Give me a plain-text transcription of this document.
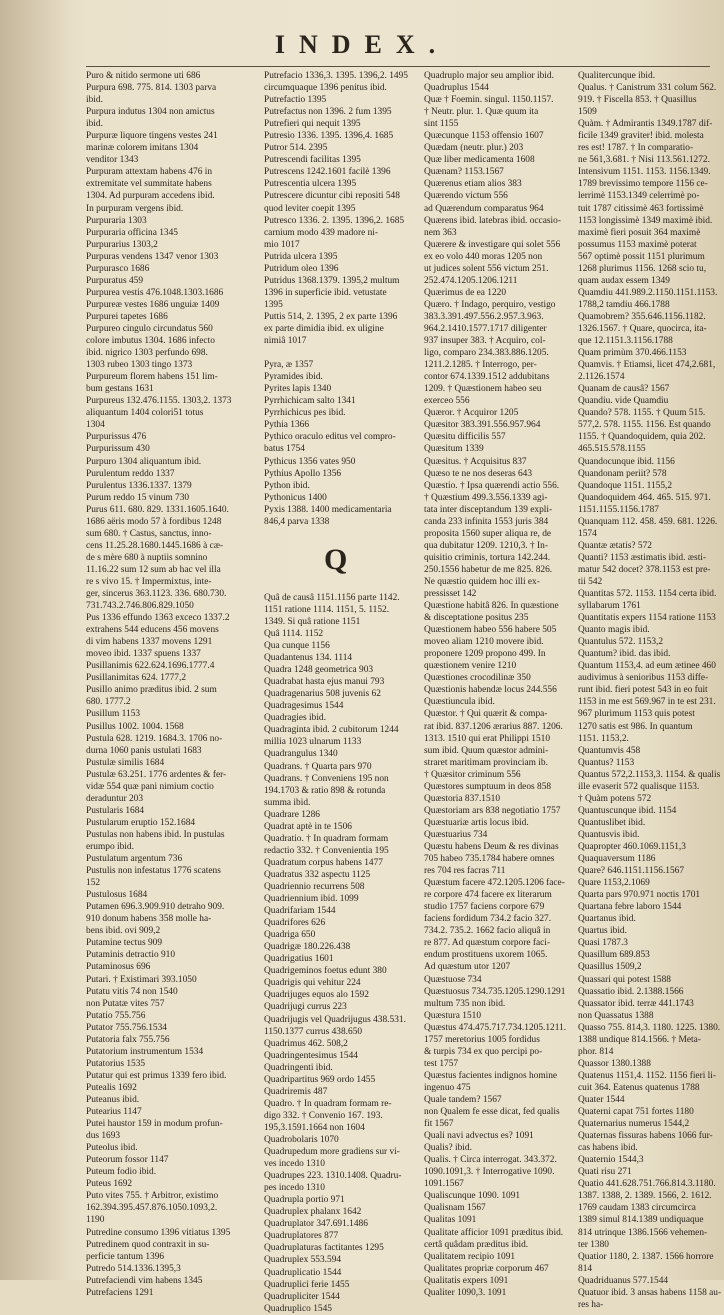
INDEX.
Puro & nitido sermone uti 686
Purpura 698. 775. 814. 1303 parva
ibid.
Purpura indutus 1304 non amictus
ibid.
Purpuræ liquore tingens vestes 241
marinæ colorem imitans 1304
venditor 1343
Purpuram attextam habens 476 in
extremitate vel summitate habens
1304. Ad purpuram accedens ibid.
In purpuram vergens ibid.
Purpuraria 1303
Purpuraria officina 1345
Purpurarius 1303,2
Purpuras vendens 1347 venor 1303
Purpurasco 1686
Purpuratus 459
Purpurea vestis 476.1048.1303.1686
Purpureæ vestes 1686 unguiæ 1409
Purpurei tapetes 1686
Purpureo cingulo circundatus 560
colore imbutus 1304. 1686 infecto
ibid. nigrico 1303 perfundo 698.
1303 rubeo 1303 tingo 1373
Purpureum florem habens 151 lim-
bum gestans 1631
Purpureus 132.476.1155. 1303,2. 1373
aliquantum 1404 colori51 totus
1304
Purpurissus 476
Purpurissum 430
Purpuro 1304 aliquantum ibid.
Purulentum reddo 1337
Purulentus 1336.1337. 1379
Purum reddo 15 vinum 730
Purus 611. 680. 829. 1331.1605.1640.
1686 aëris modo 57 à fordibus 1248
sum 680. † Castus, sanctus, inno-
cens 11.25.28.1680.1445.1686 à cæ-
de s mère 680 à nuptiis somnino
11.16.22 sum 12 sum ab hac vel illa
re s vivo 15. † Impermixtus, inte-
ger, sincerus 363.1123. 336. 680.730.
731.743.2.746.806.829.1050
Pus 1336 effundo 1363 exceco 1337.2
extrahens 544 educens 456 movens
di vim habens 1337 movens 1291
moveo ibid. 1337 spuens 1337
Pusillanimis 622.624.1696.1777.4
Pusillanimitas 624. 1777,2
Pusillo animo præditus ibid. 2 sum
680. 1777.2
Pusillum 1153
Pusillus 1002. 1004. 1568
Pustula 628. 1219. 1684.3. 1706 no-
durna 1060 panis ustulati 1683
Pustulæ similis 1684
Pustulæ 63.251. 1776 ardentes & fer-
vidæ 554 quæ pani nimium coctio
deraduntur 203
Pustularis 1684
Pustularum eruptio 152.1684
Pustulas non habens ibid. In pustulas
erumpo ibid.
Pustulatum argentum 736
Pustulis non infestatus 1776 scatens
152
Pustulosus 1684
Putamen 696.3.909.910 detraho 909.
910 donum habens 358 molle ha-
bens ibid. ovi 909,2
Putamine tectus 909
Putaminis detractio 910
Putaminosus 696
Putari. † Existimari 393.1050
Putatu vitis 74 non 1540
non Putatæ vites 757
Putatio 755.756
Putator 755.756.1534
Putatoria falx 755.756
Putatorium instrumentum 1534
Putatorius 1535
Putatur qui est primus 1339 fero ibid.
Putealis 1692
Puteanus ibid.
Putearius 1147
Putei haustor 159 in modum profun-
dus 1693
Puteolus ibid.
Puteorum fossor 1147
Puteum fodio ibid.
Puteus 1692
Puto vites 755. † Arbitror, existimo
162.394.395.457.876.1050.1093,2.
1190
Putredine consumo 1396 vitiatus 1395
Putredinem quod contraxit in su-
perficie tantum 1396
Putredo 514.1336.1395,3
Putrefaciendi vim habens 1345
Putrefaciens 1291
Putrefacio 1336,3. 1395. 1396,2. 1495
circumquaque 1396 penitus ibid.
Putrefactio 1395
Putrefactus non 1396. 2 fum 1395
Putrefieri qui nequit 1395
Putresio 1336. 1395. 1396,4. 1685
Putror 514. 2395
Putrescendi facilitas 1395
Putrescens 1242.1601 facilè 1396
Putrescentia ulcera 1395
Putrescere dicuntur cibi repositi 548
quod leviter coepit 1395
Putresco 1336. 2. 1395. 1396,2. 1685
carnium modo 439 madore ni-
mio 1017
Putrida ulcera 1395
Putridum oleo 1396
Putridus 1368.1379. 1395,2 multum
1396 in superficie ibid. vetustate
1395
Puttis 514, 2. 1395, 2 ex parte 1396
ex parte dimidia ibid. ex uligine
nimiâ 1017

Pyra, æ 1357
Pyramides ibid.
Pyrites lapis 1340
Pyrrhichicam salto 1341
Pyrrhichicus pes ibid.
Pythia 1366
Pythico oraculo editus vel compro-
batus 1754
Pythicus 1356 vates 950
Pythius Apollo 1356
Python ibid.
Pythonicus 1400
Pyxis 1388. 1400 medicamentaria
846,4 parva 1338

Q

Quâ de causâ 1151.1156 parte 1142.
1151 ratione 1114. 1151, 5. 1152.
1349. Si quâ ratione 1151
Quâ 1114. 1152
Qua cunque 1156
Quadantenus 134. 1114
Quadra 1248 geometrica 903
Quadrabat hasta ejus manui 793
Quadragenarius 508 juvenis 62
Quadragesimus 1544
Quadragies ibid.
Quadraginta ibid. 2 cubitorum 1244
millia 1023 ulnarum 1133
Quadrangulus 1340
Quadrans. † Quarta pars 970
Quadrans. † Conveniens 195 non
194.1703 & ratio 898 & rotunda
summa ibid.
Quadrare 1286
Quadrat aptè in te 1506
Quadratio. † In quadram formam
redactio 332. † Convenientia 195
Quadratum corpus habens 1477
Quadratus 332 aspectu 1125
Quadriennio recurrens 508
Quadriennium ibid. 1099
Quadrifariam 1544
Quadrifores 626
Quadriga 650
Quadrigæ 180.226.438
Quadrigatius 1601
Quadrigeminos foetus edunt 380
Quadrigis qui vehitur 224
Quadrijuges equos alo 1592
Quadrijugi currus 223
Quadrijugis vel Quadrijugus 438.531.
1150.1377 currus 438.650
Quadrimus 462. 508,2
Quadringentesimus 1544
Quadringenti ibid.
Quadripartitus 969 ordo 1455
Quadriremis 487
Quadro. † In quadram formam re-
digo 332. † Convenio 167. 193.
195,3.1591.1664 non 1604
Quadrobolaris 1070
Quadrupedum more gradiens sur vi-
ves incedo 1310
Quadrupes 223. 1310.1408. Quadru-
pes incedo 1310
Quadrupla portio 971
Quadruplex phalanx 1642
Quadruplator 347.691.1486
Quadruplatores 877
Quadruplaturas factitantes 1295
Quadruplex 553.594
Quadruplicatio 1544
Quadruplici ferie 1455
Quadrupliciter 1544
Quadruplico 1545
Quadruplo major seu amplior ibid.
Quadruplus 1544
Quæ † Foemin. singul. 1150.1157.
† Neutr. plur. 1. Quæ quum ita
sint 1155
Quæcunque 1153 offensio 1607
Quædam (neutr. plur.) 203
Quæ liber medicamenta 1608
Quænam? 1153.1567
Quærenus etiam alios 383
Quærendo victum 556
ad Quærendum comparatus 964
Quærens ibid. latebras ibid. occasio-
nem 363
Quærere & investigare qui solet 556
ex eo volo 440 moras 1205 non
ut judices solent 556 victum 251.
252.474.1205.1206.1211
Quærimus de ea 1220
Quæro. † Indago, perquiro, vestigo
383.3.391.497.556.2.957.3.963.
964.2.1410.1577.1717 diligenter
937 insuper 383. † Acquiro, col-
ligo, comparo 234.383.886.1205.
1211.2.1285. † Interrogo, per-
contor 674.1339.1512 addubitans
1209. † Quæstionem habeo seu
exerceo 556
Quæror. † Acquiror 1205
Quæsitor 383.391.556.957.964
Quæsitu difficilis 557
Quæsitum 1339
Quæsitus. † Acquisitus 837
Quæso te ne nos deseras 643
Quæstio. † Ipsa quærendi actio 556.
† Quæstium 499.3.556.1339 agi-
tata inter disceptandum 139 expli-
canda 233 infinita 1553 juris 384
proposita 1560 super aliqua re, de
qua dubitatur 1209. 1210,3. † In-
quisitio criminis, tortura 142.244.
250.1556 habetur de me 825. 826.
Ne quæstio quidem hoc illi ex-
pressisset 142
Quæstione habitâ 826. In quæstione
& disceptatione positus 235
Quæstionem habeo 556 habere 505
moveo aliam 1210 movere ibid.
proponere 1209 propono 499. In
quæstionem venire 1210
Quæstiones crocodilinæ 350
Quæstionis habendæ locus 244.556
Quæstiuncula ibid.
Quæstor. † Qui quærit & compa-
rat ibid. 837.1206 ærarius 887. 1206.
1313. 1510 qui erat Philippi 1510
sum ibid. Quum quæstor admini-
straret maritimam provinciam ib.
† Quæsitor criminum 556
Quæstores sumptuum in deos 858
Quæstoria 837.1510
Quæstoriam ars 838 negotiatio 1757
Quæstuariæ artis locus ibid.
Quæstuarius 734
Quæstu habens Deum & res divinas
705 habeo 735.1784 habere omnes
res 704 res facras 711
Quæstum facere 472.1205.1206 face-
re corpore 474 facere ex literarum
studio 1757 faciens corpore 679
faciens fordidum 734.2 facio 327.
734.2. 735.2. 1662 facio aliquâ in
re 877. Ad quæstum corpore faci-
endum prostituens uxorem 1065.
Ad quæstum utor 1207
Quæstuose 734
Quæstuosus 734.735.1205.1290.1291
multum 735 non ibid.
Quæstura 1510
Quæstus 474.475.717.734.1205.1211.
1757 meretorius 1005 fordidus
& turpis 734 ex quo percipi po-
test 1757
Quæstus facientes indignos homine
ingenuo 475
Quale tandem? 1567
non Qualem fe esse dicat, fed qualis
fit 1567
Quali navi advectus es? 1091
Qualis? ibid.
Qualis. † Circa interrogat. 343.372.
1090.1091,3. † Interrogative 1090.
1091.1567
Qualiscunque 1090. 1091
Qualisnam 1567
Qualitas 1091
Qualitate afficior 1091 præditus ibid.
certâ quâdam præditus ibid.
Qualitatem recipio 1091
Qualitates propriæ corporum 467
Qualitatis expers 1091
Qualiter 1090,3. 1091
Qualitercunque ibid.
Qualus. † Canistrum 331 colum 562.
919. † Fiscella 853. † Quasillus
1509
Quàm. † Admirantis 1349.1787 dif-
ficile 1349 graviter! ibid. molesta
res est! 1787. † In comparatio-
ne 561,3.681. † Nisi 113.561.1272.
Intensivum 1151. 1153. 1156.1349.
1789 brevissimo tempore 1156 ce-
lerrimè 1153.1349 celerrimè po-
tuit 1787 citissimè 463 fortissimè
1153 longissimè 1349 maximè ibid.
maximè fieri posuit 364 maximè
possumus 1153 maximè poterat
567 optimè possit 1151 plurimum
1268 plurimus 1156. 1268 scio tu,
quam audax essem 1349
Quamdiu 441.989.2.1150.1151.1153.
1788,2 tamdiu 466.1788
Quamobrem? 355.646.1156.1182.
1326.1567. † Quare, quocirca, ita-
que 12.1151.3.1156.1788
Quam primùm 370.466.1153
Quamvis. † Etiamsi, licet 474,2.681,
2.1126.1574
Quanam de causâ? 1567
Quandiu. vide Quamdiu
Quando? 578. 1155. † Quum 515.
577,2. 578. 1155. 1156. Est quando
1155. † Quandoquidem, quia 202.
465.515.578.1155
Quandocunque ibid. 1156
Quandonam periit? 578
Quandoque 1151. 1155,2
Quandoquidem 464. 465. 515. 971.
1151.1155.1156.1787
Quanquam 112. 458. 459. 681. 1226.
1574
Quantæ ætatis? 572
Quanti? 1153 æstimatis ibid. æsti-
matur 542 docet? 378.1153 est pre-
tii 542
Quantitas 572. 1153. 1154 certa ibid.
syllabarum 1761
Quantitatis expers 1154 ratione 1153
Quanto magis ibid.
Quantulus 572. 1153,2
Quantum? ibid. das ibid.
Quantum 1153,4. ad eum ætinee 460
audivimus à senioribus 1153 diffe-
runt ibid. fieri potest 543 in eo fuit
1153 in me est 569.967 in te est 231.
967 plurimum 1153 quis potest
1270 satis est 986. In quantum
1151. 1153,2.
Quantumvis 458
Quantus? 1153
Quantus 572,2.1153,3. 1154. & qualis
ille evaserit 572 qualisque 1153.
† Quàm potens 572
Quantuscunque ibid. 1154
Quantuslibet ibid.
Quantusvis ibid.
Quapropter 460.1069.1151,3
Quaquaversum 1186
Quare? 646.1151.1156.1567
Quare 1153,2.1069
Quarta pars 970.971 noctis 1701
Quartana febre laboro 1544
Quartanus ibid.
Quartus ibid.
Quasi 1787.3
Quasillum 689.853
Quasillus 1509,2
Quassari qui potest 1588
Quassatio ibid. 2.1388.1566
Quassator ibid. terræ 441.1743
non Quassatus 1388
Quasso 755. 814,3. 1180. 1225. 1380.
1388 undique 814.1566. † Meta-
phor. 814
Quassor 1380.1388
Quatenus 1151,4. 1152. 1156 fieri li-
cuit 364. Eatenus quatenus 1788
Quater 1544
Quaterni capat 751 fortes 1180
Quaternarius numerus 1544,2
Quaternas fissuras habens 1066 fur-
cas habens ibid.
Quaternio 1544,3
Quati risu 271
Quatio 441.628.751.766.814.3.1180.
1387. 1388, 2. 1389. 1566, 2. 1612.
1769 caudam 1383 circumcirca
1389 simul 814.1389 undiquaque
814 utrinque 1386.1566 vehemen-
ter 1380
Quatior 1180, 2. 1387. 1566 horrore
814
Quadriduanus 577.1544
Quatuor ibid. 3 ansas habens 1158 au-
res ha-
